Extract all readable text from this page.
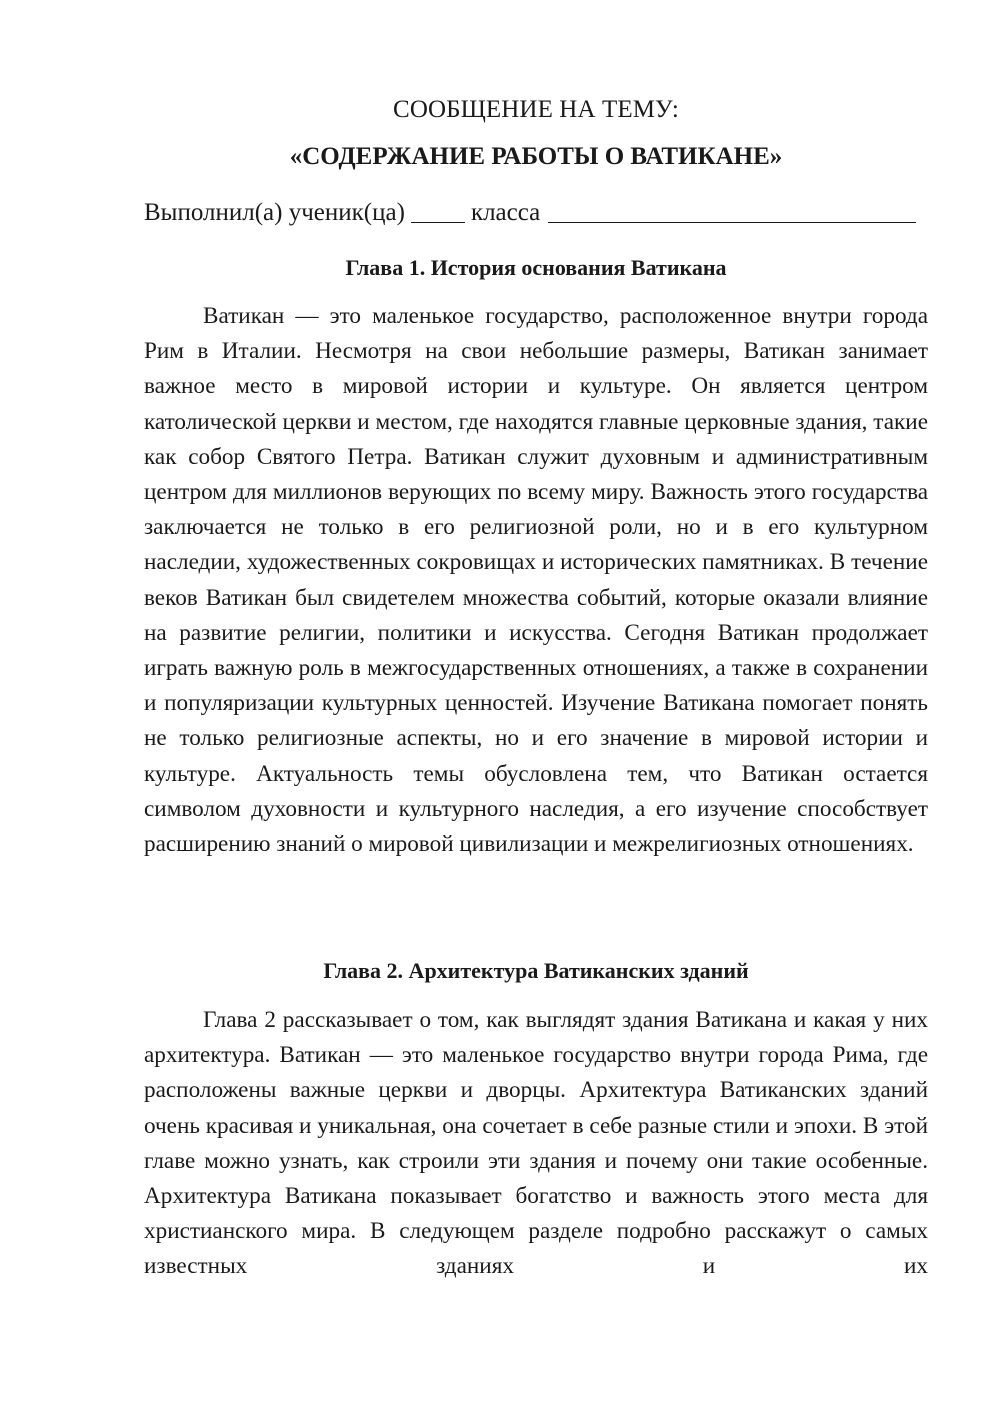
СООБЩЕНИЕ НА ТЕМУ:
«СОДЕРЖАНИЕ РАБОТЫ О ВАТИКАНЕ»
Выполнил(а) ученик(ца)	класса
Глава 1. История основания Ватикана

Ватикан — это маленькое государство, расположенное внутри города Рим в Италии. Несмотря на свои небольшие размеры, Ватикан занимает важное место в мировой истории и культуре. Он является центром католической церкви и местом, где находятся главные церковные здания, такие как собор Святого Петра. Ватикан служит духовным и административным центром для миллионов верующих по всему миру. Важность этого государства заключается не только в его религиозной роли, но и в его культурном наследии, художественных сокровищах и исторических памятниках. В течение веков Ватикан был свидетелем множества событий, которые оказали влияние на развитие религии, политики и искусства. Сегодня Ватикан продолжает играть важную роль в межгосударственных отношениях, а также в сохранении и популяризации культурных ценностей. Изучение Ватикана помогает понять не только религиозные аспекты, но и его значение в мировой истории и культуре. Актуальность темы обусловлена тем, что Ватикан остается символом духовности и культурного наследия, а его изучение способствует расширению знаний о мировой цивилизации и межрелигиозных отношениях.

Глава 2. Архитектура Ватиканских зданий

Глава 2 рассказывает о том, как выглядят здания Ватикана и какая у них архитектура. Ватикан — это маленькое государство внутри города Рима, где расположены важные церкви и дворцы. Архитектура Ватиканских зданий очень красивая и уникальная, она сочетает в себе разные стили и эпохи. В этой главе можно узнать, как строили эти здания и почему они такие особенные. Архитектура Ватикана показывает богатство и важность этого места для христианского мира. В следующем разделе подробно расскажут о самых известных зданиях и их
